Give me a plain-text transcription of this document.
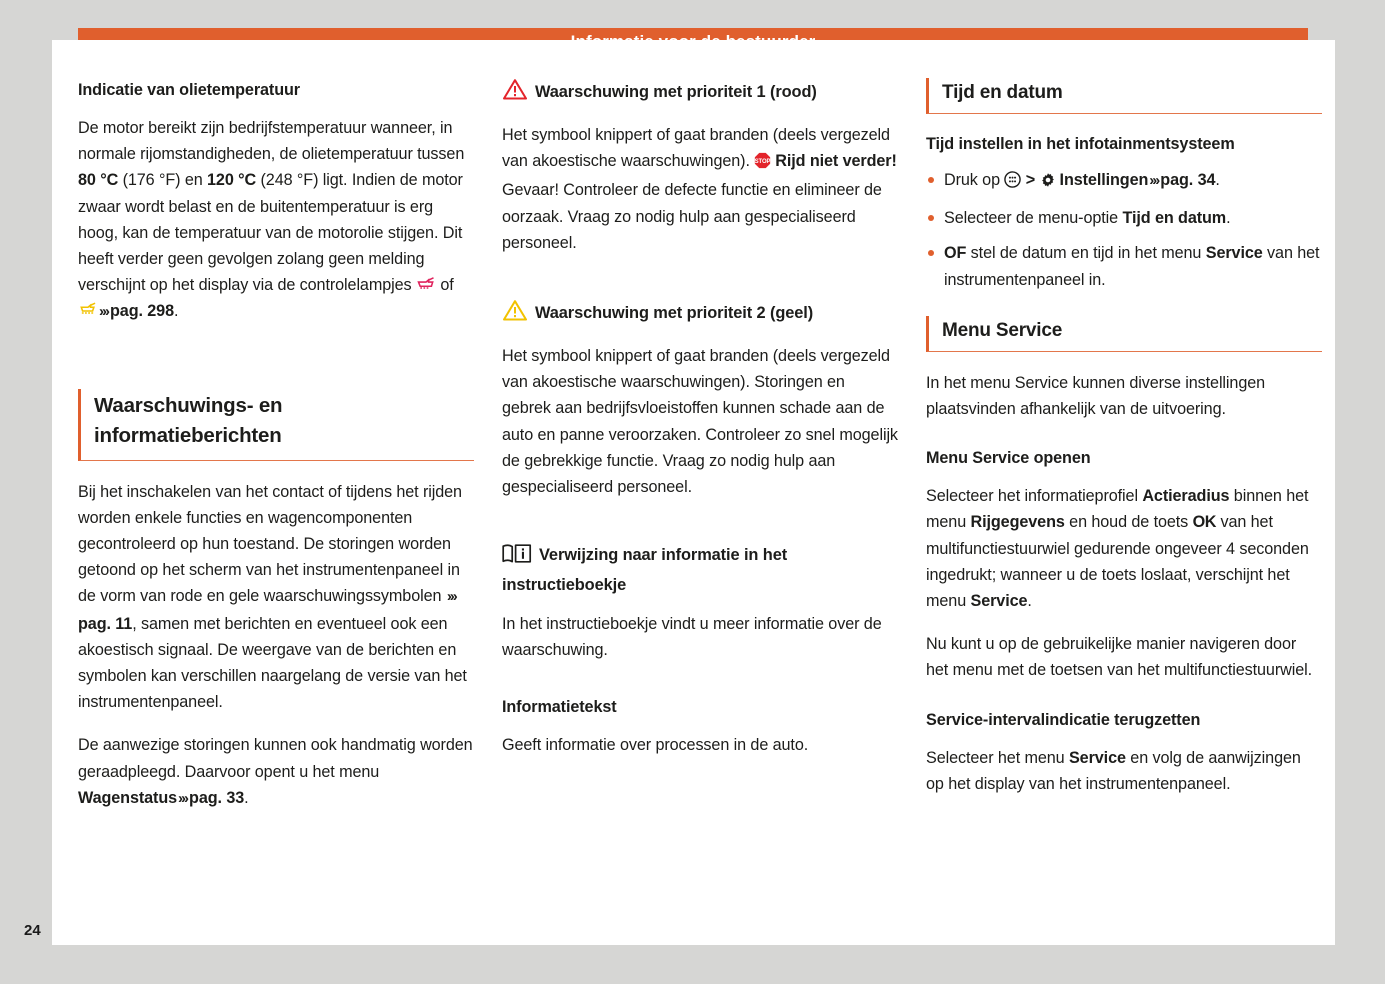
Indicatie van olietemperatuur

De motor bereikt zijn bedrijfstemperatuur wanneer, in normale rijomstandigheden, de olietemperatuur tussen 80 °C (176 °F) en 120 °C (248 °F) ligt. Indien de motor zwaar wordt belast en de buitentemperatuur is erg hoog, kan de temperatuur van de motorolie stijgen. Dit heeft verder geen gevolgen zolang geen melding verschijnt op het display via de controlelampjes  of ››› pag. 298.

Waarschuwings- en informatieberichten

Bij het inschakelen van het contact of tijdens het rijden worden enkele functies en wagencomponenten gecontroleerd op hun toestand. De storingen worden getoond op het scherm van het instrumentenpaneel in de vorm van rode en gele waarschuwingssymbolen ›››pag. 11, samen met berichten en eventueel ook een akoestisch signaal. De weergave van de berichten en symbolen kan verschillen naargelang de versie van het instrumentenpaneel.

De aanwezige storingen kunnen ook handmatig worden geraadpleegd. Daarvoor opent u het menu Wagenstatus››› pag. 33.

Waarschuwing met prioriteit 1 (rood)

Het symbool knippert of gaat branden (deels vergezeld van akoestische waarschuwingen). STOP Rijd niet verder! Gevaar! Controleer de defecte functie en elimineer de oorzaak. Vraag zo nodig hulp aan gespecialiseerd personeel.

Waarschuwing met prioriteit 2 (geel)

Het symbool knippert of gaat branden (deels vergezeld van akoestische waarschuwingen). Storingen en gebrek aan bedrijfsvloeistoffen kunnen schade aan de auto en panne veroorzaken. Controleer zo snel mogelijk de gebrekkige functie. Vraag zo nodig hulp aan gespecialiseerd personeel.

Verwijzing naar informatie in het instructieboekje

In het instructieboekje vindt u meer informatie over de waarschuwing.

Informatietekst

Geeft informatie over processen in de auto.

Tijd en datum
Tijd instellen in het infotainmentsysteem
Druk op  > Instellingen››› pag. 34.
Selecteer de menu-optie Tijd en datum.
OF stel de datum en tijd in het menu Service van het instrumentenpaneel in.
Menu Service

In het menu Service kunnen diverse instellingen plaatsvinden afhankelijk van de uitvoering.

Menu Service openen

Selecteer het informatieprofiel Actieradius binnen het menu Rijgegevens en houd de toets OK van het multifunctiestuurwiel gedurende ongeveer 4 seconden ingedrukt; wanneer u de toets loslaat, verschijnt het menu Service.

Nu kunt u op de gebruikelijke manier navigeren door het menu met de toetsen van het multifunctiestuurwiel.

Service-intervalindicatie terugzetten

Selecteer het menu Service en volg de aanwijzingen op het display van het instrumentenpaneel.

24
